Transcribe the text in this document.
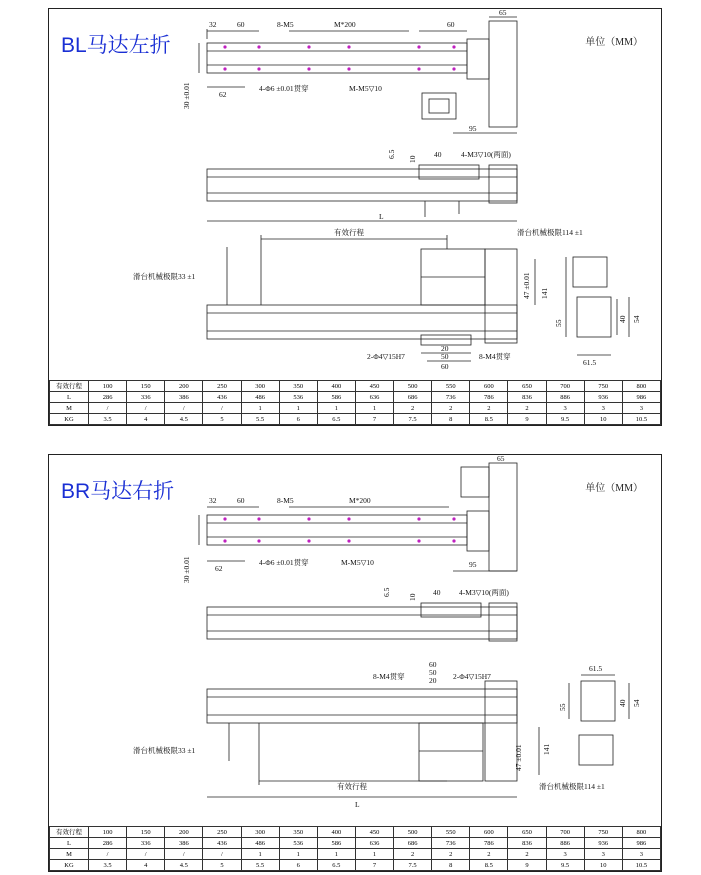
BL马达左折	单位（MM）
32	60	8-M5	M*200	60
65
30 ±0.01	62
4-Φ6 ±0.01贯穿	M-M5▽10
95
6.5
10
40	4-M3▽10(两面)
L
有效行程	滑台机械极限114 ±1
滑台机械极限33 ±1	47 ±0.01 141
55
40 54
61.5
2-Φ4▽15H7	8-M4贯穿
20
50
60
有效行程	100	150	200	250	300	350	400	450	500	550	600	650	700	750	800
L	286	336	386	436	486	536	586	636	686	736	786	836	886	936	986
M	/	/	/	/	1	1	1	1	2	2	2	2	3	3	3
KG	3.5	4	4.5	5	5.5	6	6.5	7	7.5	8	8.5	9	9.5	10	10.5
BR马达右折	单位（MM）
65
32	60	8-M5	M*200
30 ±0.01	62
4-Φ6 ±0.01贯穿	M-M5▽10	95
6.5
10
40 4-M3▽10(两面)
8-M4贯穿
60
50
20 2-Φ4▽15H7
61.5
55
40 54
141
47 ±0.01
滑台机械极限33 ±1
有效行程	滑台机械极限114 ±1
L
有效行程	100	150	200	250	300	350	400	450	500	550	600	650	700	750	800
L	286	336	386	436	486	536	586	636	686	736	786	836	886	936	986
M	/	/	/	/	1	1	1	1	2	2	2	2	3	3	3
KG	3.5	4	4.5	5	5.5	6	6.5	7	7.5	8	8.5	9	9.5	10	10.5
